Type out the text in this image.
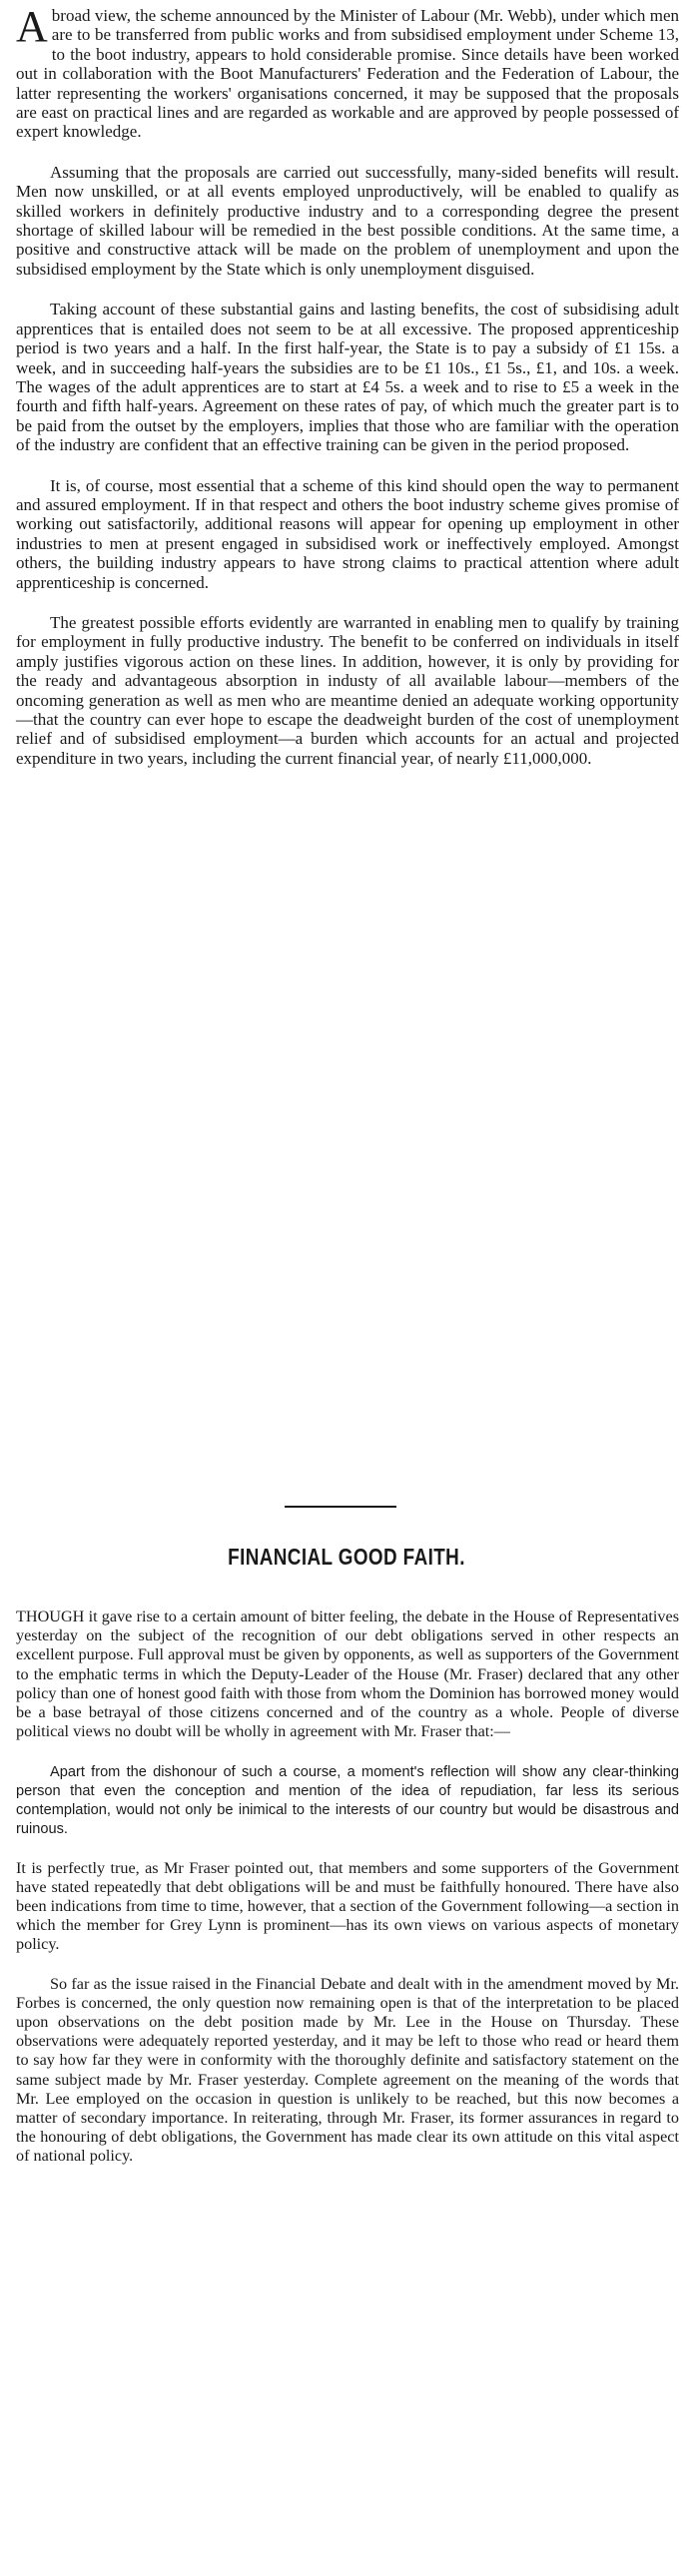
A broad view, the scheme announced by the Minister of Labour (Mr. Webb), under which men are to be transferred from public works and from subsidised employment under Scheme 13, to the boot industry, appears to hold considerable promise. Since details have been worked out in collaboration with the Boot Manufacturers' Federation and the Federation of Labour, the latter representing the workers' organisations concerned, it may be supposed that the proposals are east on practical lines and are regarded as workable and are approved by people possessed of expert knowledge.

Assuming that the proposals are carried out successfully, many-sided benefits will result. Men now unskilled, or at all events employed unproductively, will be enabled to qualify as skilled workers in definitely productive industry and to a corresponding degree the present shortage of skilled labour will be remedied in the best possible conditions. At the same time, a positive and constructive attack will be made on the problem of unemployment and upon the subsidised employment by the State which is only unemployment disguised.

Taking account of these substantial gains and lasting benefits, the cost of subsidising adult apprentices that is entailed does not seem to be at all excessive. The proposed apprenticeship period is two years and a half. In the first half-year, the State is to pay a subsidy of £1 15s. a week, and in succeeding half-years the subsidies are to be £1 10s., £1 5s., £1, and 10s. a week. The wages of the adult apprentices are to start at £4 5s. a week and to rise to £5 a week in the fourth and fifth half-years. Agreement on these rates of pay, of which much the greater part is to be paid from the outset by the employers, implies that those who are familiar with the operation of the industry are confident that an effective training can be given in the period proposed.

It is, of course, most essential that a scheme of this kind should open the way to permanent and assured employment. If in that respect and others the boot industry scheme gives promise of working out satisfactorily, additional reasons will appear for opening up employment in other industries to men at present engaged in subsidised work or ineffectively employed. Amongst others, the building industry appears to have strong claims to practical attention where adult apprenticeship is concerned.

The greatest possible efforts evidently are warranted in enabling men to qualify by training for employment in fully productive industry. The benefit to be conferred on individuals in itself amply justifies vigorous action on these lines. In addition, however, it is only by providing for the ready and advantageous absorption in industy of all available labour—members of the oncoming generation as well as men who are meantime denied an adequate working opportunity—that the country can ever hope to escape the deadweight burden of the cost of unemployment relief and of subsidised employment—a burden which accounts for an actual and projected expenditure in two years, including the current financial year, of nearly £11,000,000.

FINANCIAL GOOD FAITH.

THOUGH it gave rise to a certain amount of bitter feeling, the debate in the House of Representatives yesterday on the subject of the recognition of our debt obligations served in other respects an excellent purpose. Full approval must be given by opponents, as well as supporters of the Government to the emphatic terms in which the Deputy-Leader of the House (Mr. Fraser) declared that any other policy than one of honest good faith with those from whom the Dominion has borrowed money would be a base betrayal of those citizens concerned and of the country as a whole. People of diverse political views no doubt will be wholly in agreement with Mr. Fraser that:—

Apart from the dishonour of such a course, a moment's reflection will show any clear-thinking person that even the conception and mention of the idea of repudiation, far less its serious contemplation, would not only be inimical to the interests of our country but would be disastrous and ruinous.

It is perfectly true, as Mr Fraser pointed out, that members and some supporters of the Government have stated repeatedly that debt obligations will be and must be faithfully honoured. There have also been indications from time to time, however, that a section of the Government following—a section in which the member for Grey Lynn is prominent—has its own views on various aspects of monetary policy.

So far as the issue raised in the Financial Debate and dealt with in the amendment moved by Mr. Forbes is concerned, the only question now remaining open is that of the interpretation to be placed upon observations on the debt position made by Mr. Lee in the House on Thursday. These observations were adequately reported yesterday, and it may be left to those who read or heard them to say how far they were in conformity with the thoroughly definite and satisfactory statement on the same subject made by Mr. Fraser yesterday. Complete agreement on the meaning of the words that Mr. Lee employed on the occasion in question is unlikely to be reached, but this now becomes a matter of secondary importance. In reiterating, through Mr. Fraser, its former assurances in regard to the honouring of debt obligations, the Government has made clear its own attitude on this vital aspect of national policy.
